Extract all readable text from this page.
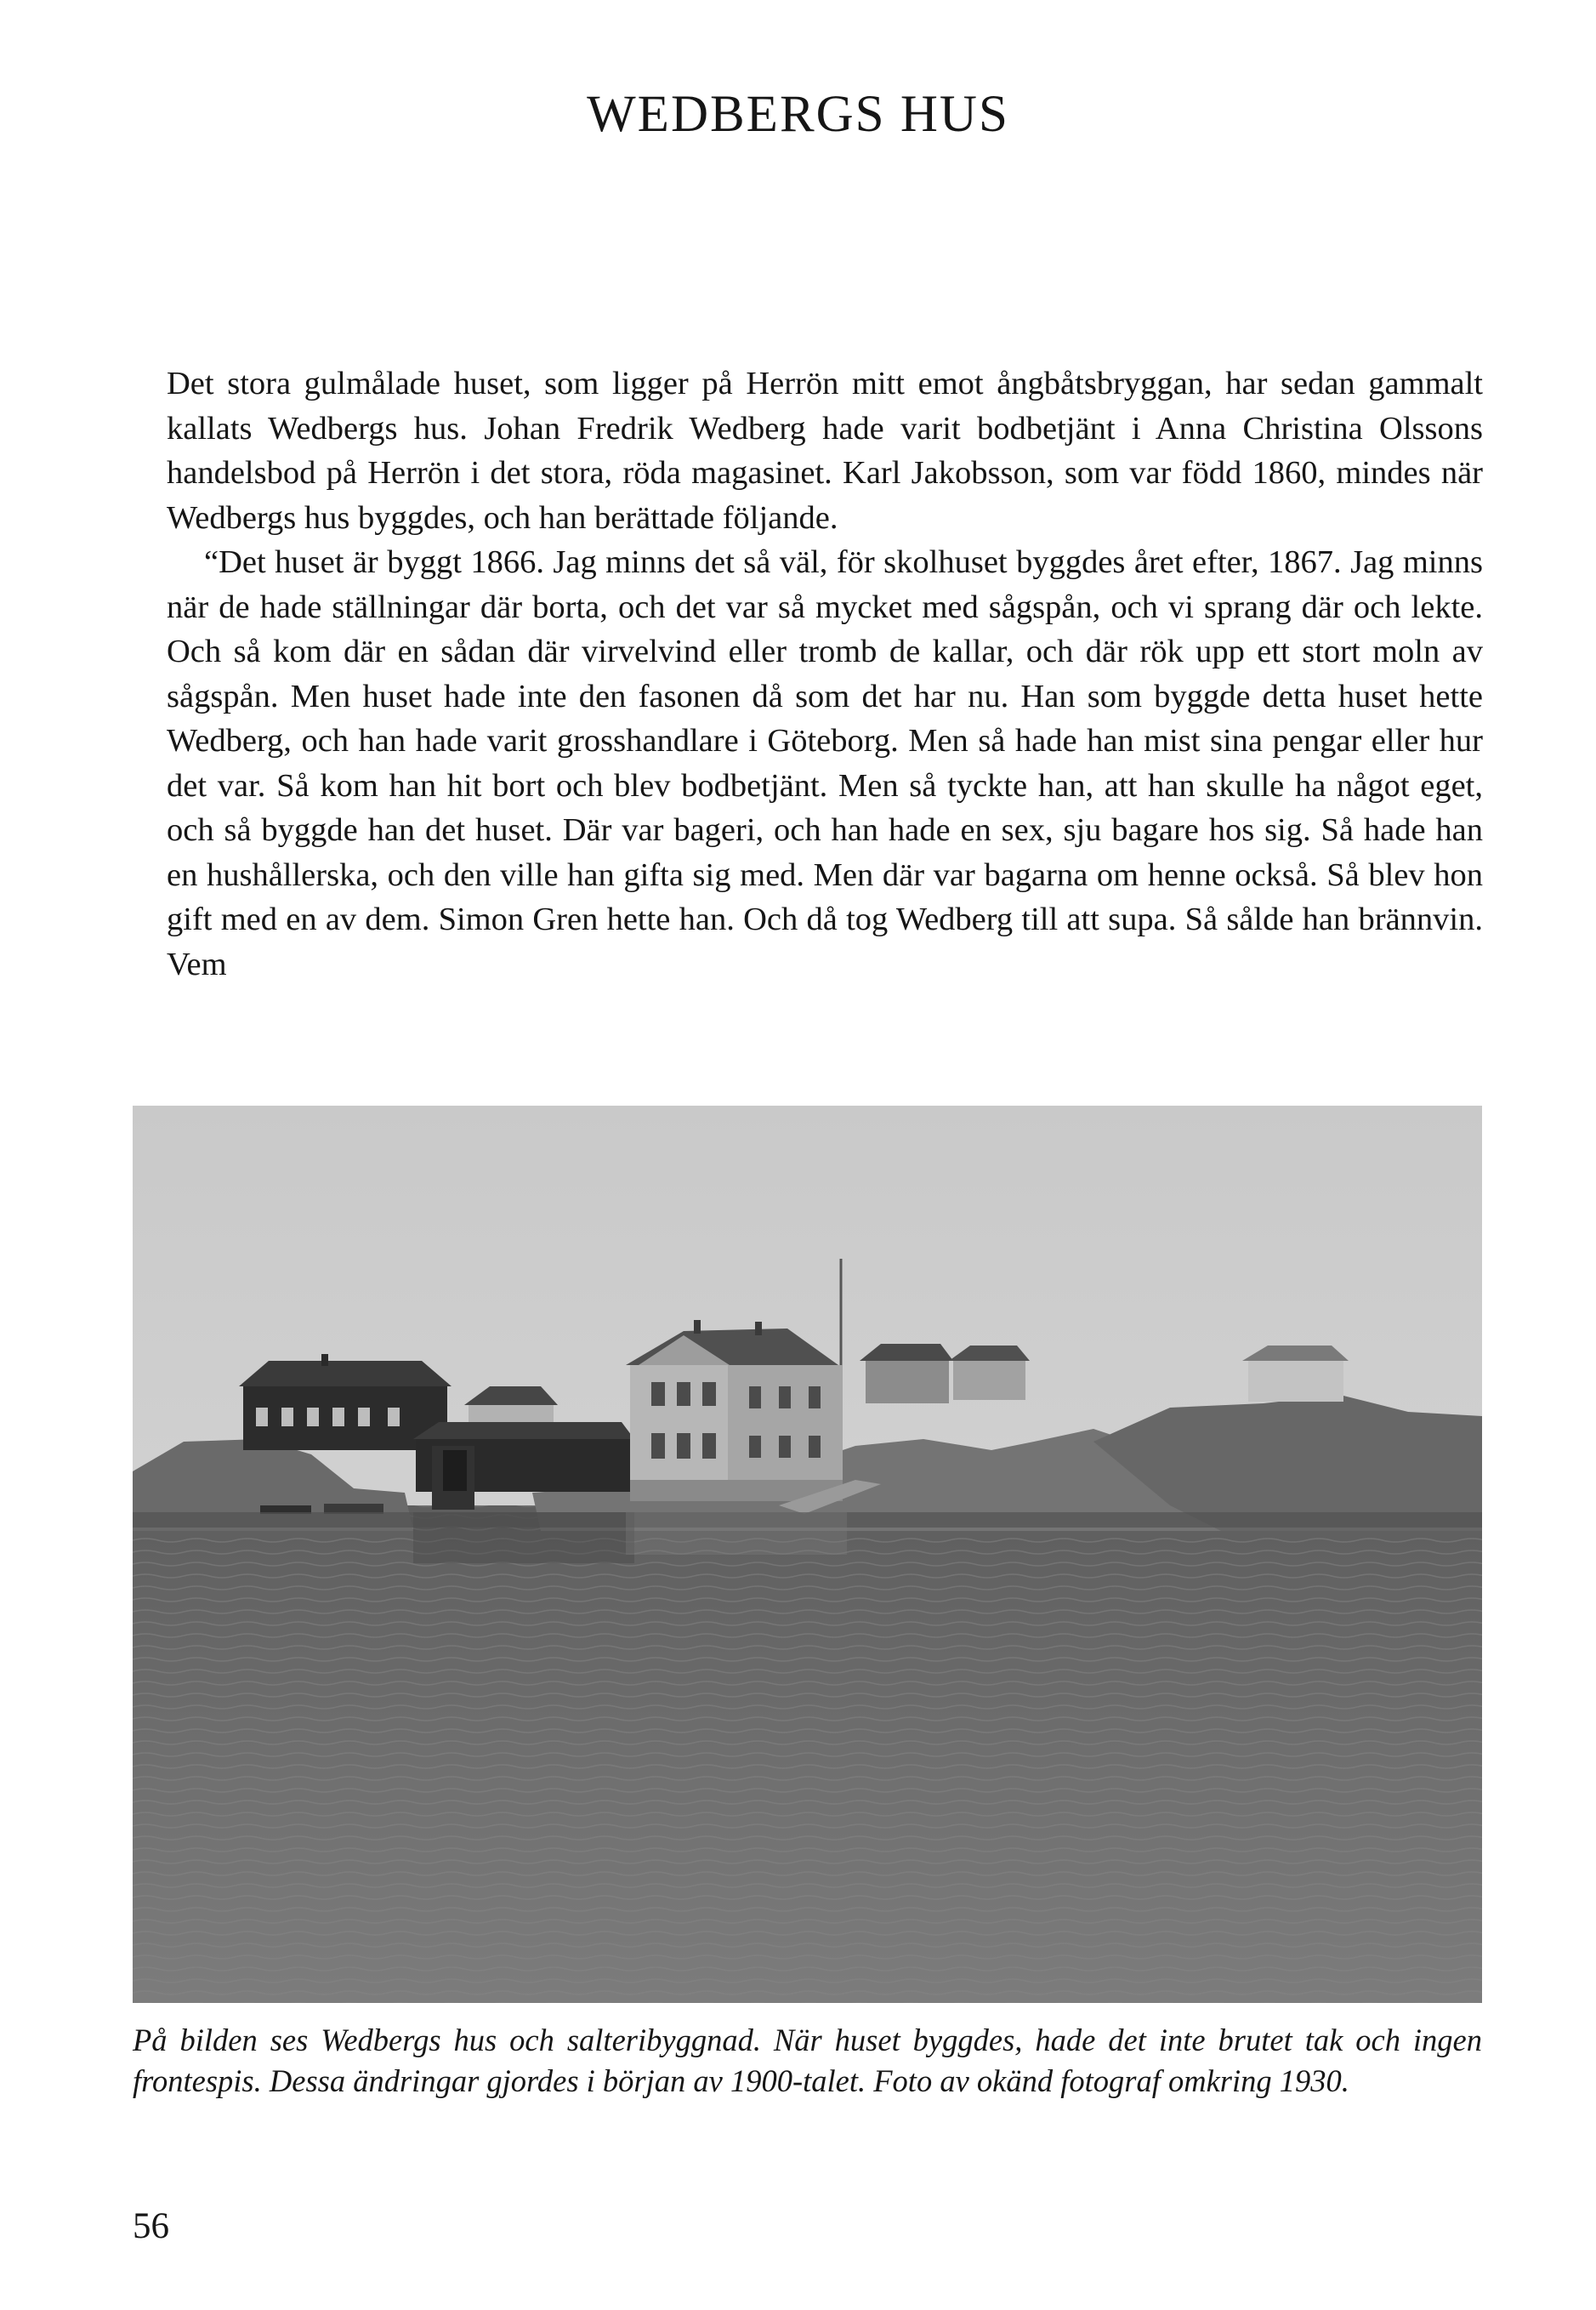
WEDBERGS HUS

Det stora gulmålade huset, som ligger på Herrön mitt emot ångbåtsbryggan, har sedan gammalt kallats Wedbergs hus. Johan Fredrik Wedberg hade varit bodbetjänt i Anna Christina Olssons handelsbod på Herrön i det stora, röda magasinet. Karl Jakobsson, som var född 1860, mindes när Wedbergs hus byggdes, och han berättade följande.

“Det huset är byggt 1866. Jag minns det så väl, för skolhuset byggdes året efter, 1867. Jag minns när de hade ställningar där borta, och det var så mycket med sågspån, och vi sprang där och lekte. Och så kom där en sådan där virvelvind eller tromb de kallar, och där rök upp ett stort moln av sågspån. Men huset hade inte den fasonen då som det har nu. Han som byggde detta huset hette Wedberg, och han hade varit grosshandlare i Göteborg. Men så hade han mist sina pengar eller hur det var. Så kom han hit bort och blev bodbetjänt. Men så tyckte han, att han skulle ha något eget, och så byggde han det huset. Där var bageri, och han hade en sex, sju bagare hos sig. Så hade han en hushållerska, och den ville han gifta sig med. Men där var bagarna om henne också. Så blev hon gift med en av dem. Simon Gren hette han. Och då tog Wedberg till att supa. Så sålde han brännvin. Vem

På bilden ses Wedbergs hus och salteribyggnad. När huset byggdes, hade det inte brutet tak och ingen frontespis. Dessa ändringar gjordes i början av 1900-talet. Foto av okänd fotograf omkring 1930.

56
